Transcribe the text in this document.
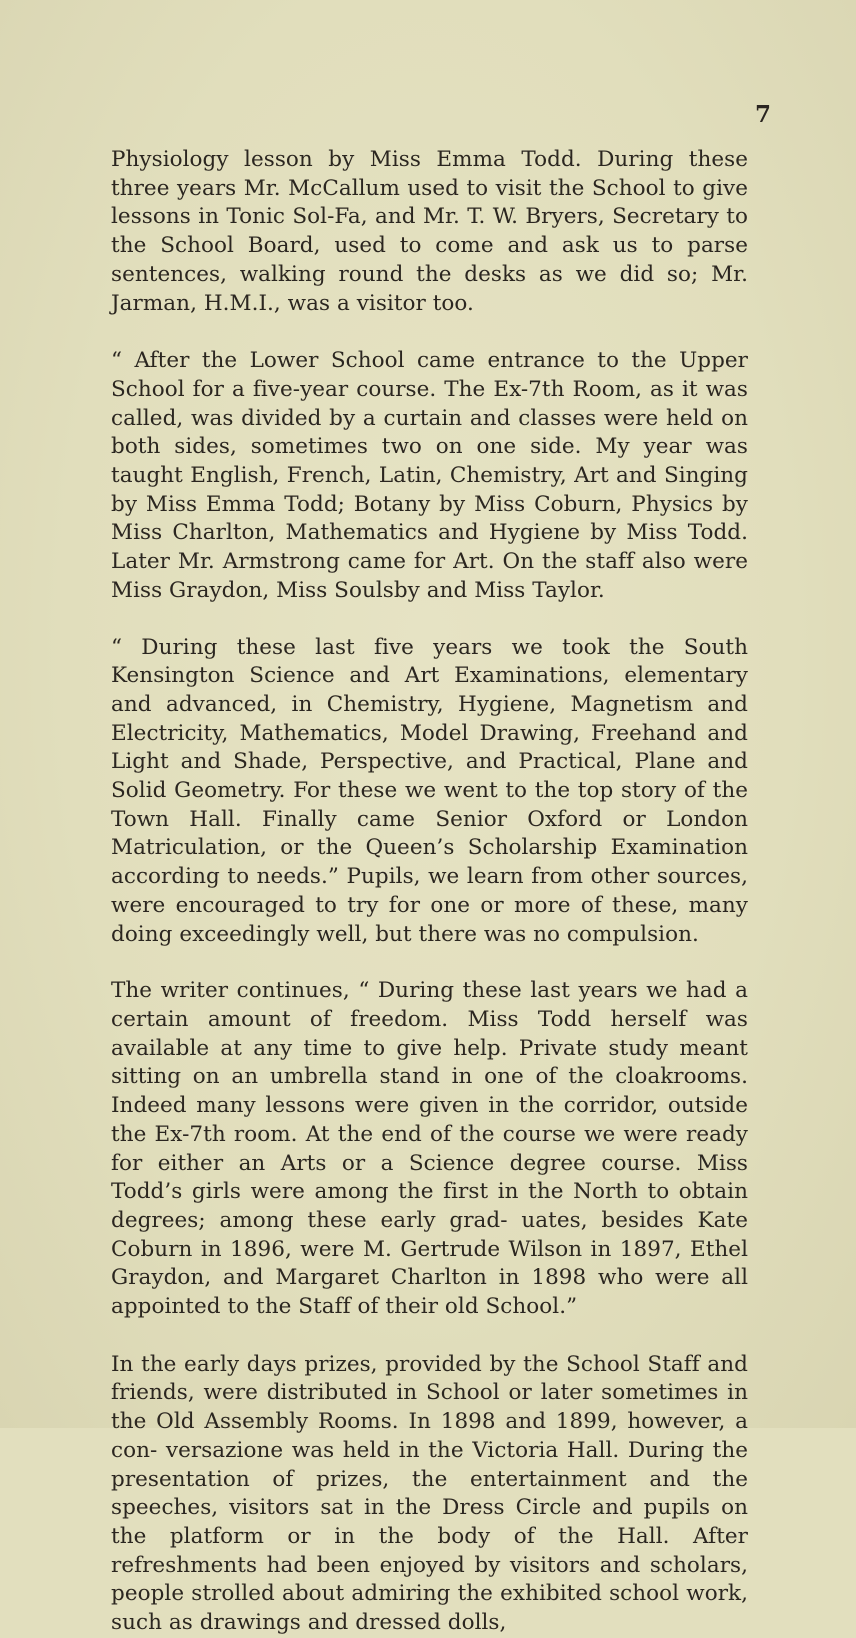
7

Physiology lesson by Miss Emma Todd. During these three years Mr. McCallum used to visit the School to give lessons in Tonic Sol-Fa, and Mr. T. W. Bryers, Secretary to the School Board, used to come and ask us to parse sentences, walking round the desks as we did so; Mr. Jarman, H.M.I., was a visitor too.

“ After the Lower School came entrance to the Upper School for a five-year course. The Ex-7th Room, as it was called, was divided by a curtain and classes were held on both sides, sometimes two on one side. My year was taught English, French, Latin, Chemistry, Art and Singing by Miss Emma Todd; Botany by Miss Coburn, Physics by Miss Charlton, Mathematics and Hygiene by Miss Todd. Later Mr. Armstrong came for Art. On the staff also were Miss Graydon, Miss Soulsby and Miss Taylor.

“ During these last five years we took the South Kensington Science and Art Examinations, elementary and advanced, in Chemistry, Hygiene, Magnetism and Electricity, Mathematics, Model Drawing, Freehand and Light and Shade, Perspective, and Practical, Plane and Solid Geometry. For these we went to the top story of the Town Hall. Finally came Senior Oxford or London Matriculation, or the Queen’s Scholarship Examination according to needs.” Pupils, we learn from other sources, were encouraged to try for one or more of these, many doing exceedingly well, but there was no compulsion.

The writer continues, “ During these last years we had a certain amount of freedom. Miss Todd herself was available at any time to give help. Private study meant sitting on an umbrella stand in one of the cloakrooms. Indeed many lessons were given in the corridor, outside the Ex-7th room. At the end of the course we were ready for either an Arts or a Science degree course. Miss Todd’s girls were among the first in the North to obtain degrees; among these early grad- uates, besides Kate Coburn in 1896, were M. Gertrude Wilson in 1897, Ethel Graydon, and Margaret Charlton in 1898 who were all appointed to the Staff of their old School.”

In the early days prizes, provided by the School Staff and friends, were distributed in School or later sometimes in the Old Assembly Rooms. In 1898 and 1899, however, a con- versazione was held in the Victoria Hall. During the presentation of prizes, the entertainment and the speeches, visitors sat in the Dress Circle and pupils on the platform or in the body of the Hall. After refreshments had been enjoyed by visitors and scholars, people strolled about admiring the exhibited school work, such as drawings and dressed dolls,
